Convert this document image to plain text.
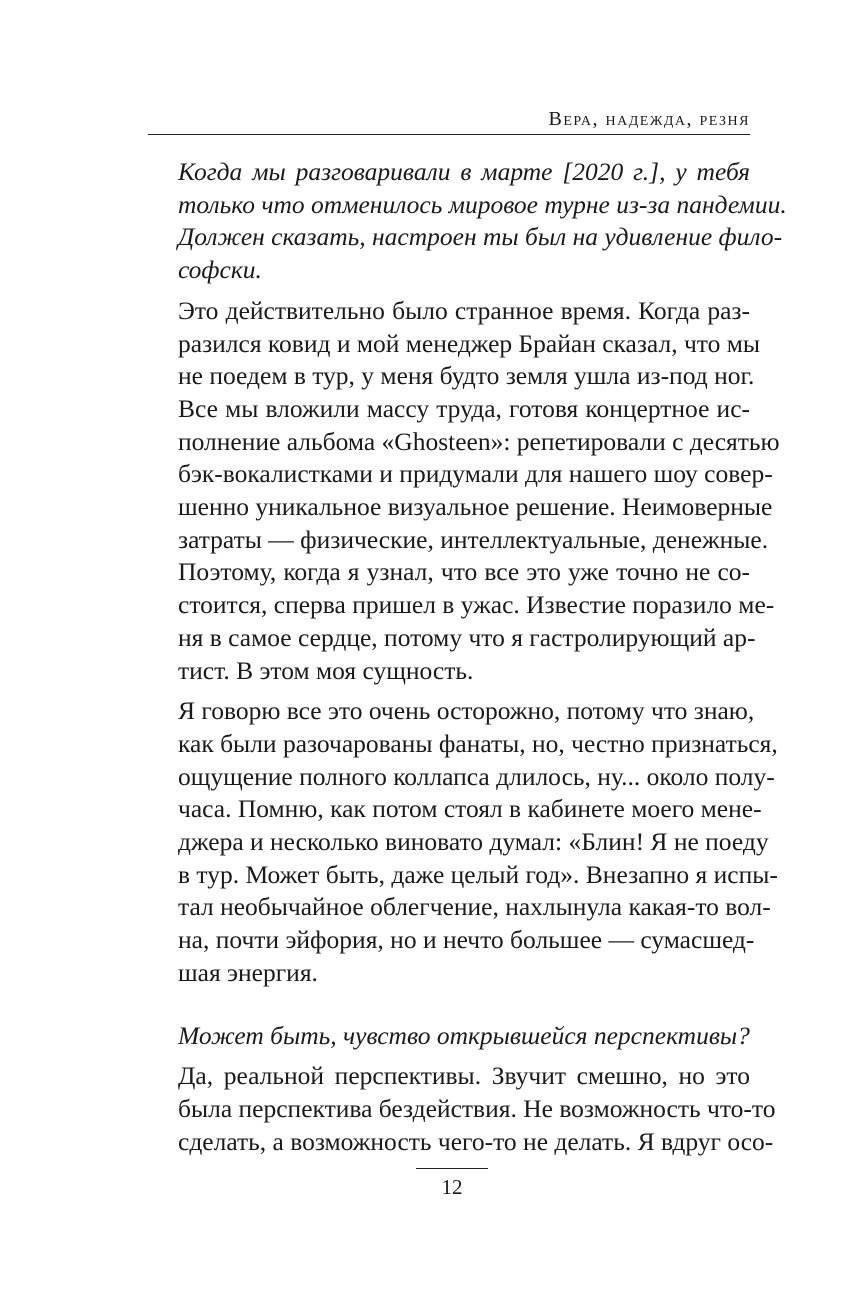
Вера, надежда, резня

Когда мы разговаривали в марте [2020 г.], у тебя
только что отменилось мировое турне из-за пандемии.
Должен сказать, настроен ты был на удивление фило-
софски.

Это действительно было странное время. Когда раз-
разился ковид и мой менеджер Брайан сказал, что мы
не поедем в тур, у меня будто земля ушла из-под ног.
Все мы вложили массу труда, готовя концертное ис-
полнение альбома «Ghosteen»: репетировали с десятью
бэк-вокалистками и придумали для нашего шоу совер-
шенно уникальное визуальное решение. Неимоверные
затраты — физические, интеллектуальные, денежные.
Поэтому, когда я узнал, что все это уже точно не со-
стоится, сперва пришел в ужас. Известие поразило ме-
ня в самое сердце, потому что я гастролирующий ар-
тист. В этом моя сущность.

Я говорю все это очень осторожно, потому что знаю,
как были разочарованы фанаты, но, честно признаться,
ощущение полного коллапса длилось, ну... около полу-
часа. Помню, как потом стоял в кабинете моего мене-
джера и несколько виновато думал: «Блин! Я не поеду
в тур. Может быть, даже целый год». Внезапно я испы-
тал необычайное облегчение, нахлынула какая-то вол-
на, почти эйфория, но и нечто большее — сумасшед-
шая энергия.

Может быть, чувство открывшейся перспективы?

Да, реальной перспективы. Звучит смешно, но это
была перспектива бездействия. Не возможность что-то
сделать, а возможность чего-то не делать. Я вдруг осо-

12
